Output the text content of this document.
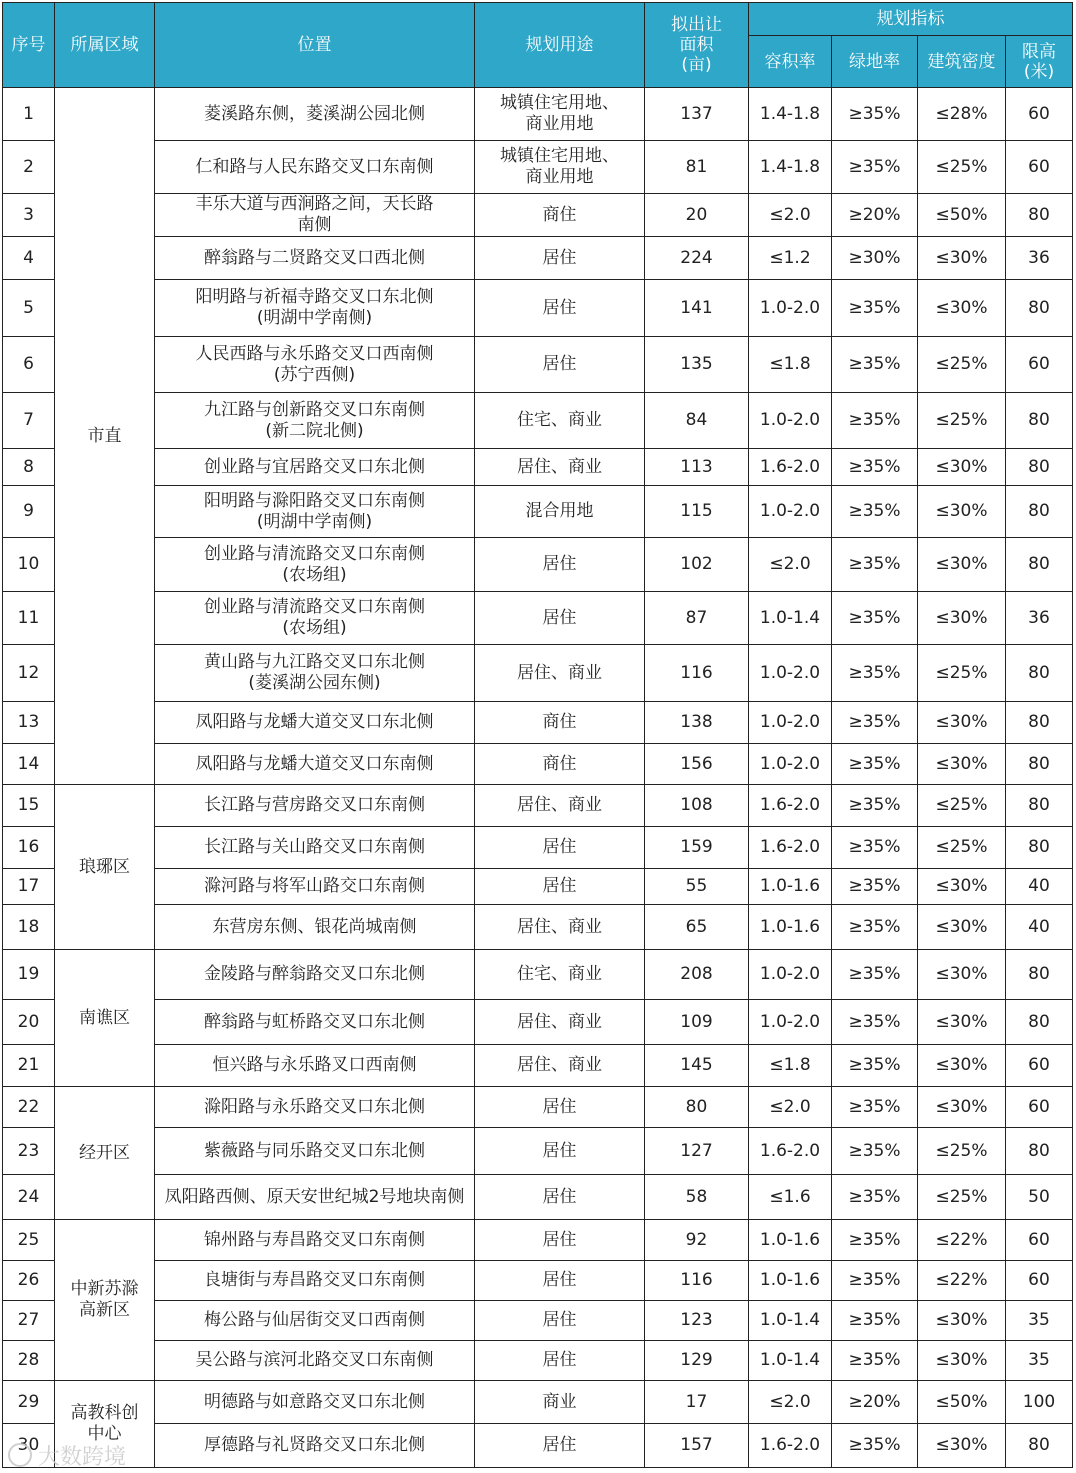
序号	所属区域	位置	规划用途	拟出让面积(亩)	规划指标			
					容积率	绿地率	建筑密度	限高(米)

1	市直	菱溪路东侧，菱溪湖公园北侧	城镇住宅用地、商业用地	137	1.4-1.8	≥35%	≤28%	60
2		仁和路与人民东路交叉口东南侧	城镇住宅用地、商业用地	81	1.4-1.8	≥35%	≤25%	60
3		丰乐大道与西涧路之间，天长路南侧	商住	20	≤2.0	≥20%	≤50%	80
4		醉翁路与二贤路交叉口西北侧	居住	224	≤1.2	≥30%	≤30%	36
5		阳明路与祈福寺路交叉口东北侧(明湖中学南侧)	居住	141	1.0-2.0	≥35%	≤30%	80
6		人民西路与永乐路交叉口西南侧(苏宁西侧)	居住	135	≤1.8	≥35%	≤25%	60
7		九江路与创新路交叉口东南侧(新二院北侧)	住宅、商业	84	1.0-2.0	≥35%	≤25%	80
8		创业路与宜居路交叉口东北侧	居住、商业	113	1.6-2.0	≥35%	≤30%	80
9		阳明路与滁阳路交叉口东南侧(明湖中学南侧)	混合用地	115	1.0-2.0	≥35%	≤30%	80
10		创业路与清流路交叉口东南侧(农场组)	居住	102	≤2.0	≥35%	≤30%	80
11		创业路与清流路交叉口东南侧(农场组)	居住	87	1.0-1.4	≥35%	≤30%	36
12		黄山路与九江路交叉口东北侧(菱溪湖公园东侧)	居住、商业	116	1.0-2.0	≥35%	≤25%	80
13		凤阳路与龙蟠大道交叉口东北侧	商住	138	1.0-2.0	≥35%	≤30%	80
14		凤阳路与龙蟠大道交叉口东南侧	商住	156	1.0-2.0	≥35%	≤30%	80
15	琅琊区	长江路与营房路交叉口东南侧	居住、商业	108	1.6-2.0	≥35%	≤25%	80
16		长江路与关山路交叉口东南侧	居住	159	1.6-2.0	≥35%	≤25%	80
17		滁河路与将军山路交口东南侧	居住	55	1.0-1.6	≥35%	≤30%	40
18		东营房东侧、银花尚城南侧	居住、商业	65	1.0-1.6	≥35%	≤30%	40
19	南谯区	金陵路与醉翁路交叉口东北侧	住宅、商业	208	1.0-2.0	≥35%	≤30%	80
20		醉翁路与虹桥路交叉口东北侧	居住、商业	109	1.0-2.0	≥35%	≤30%	80
21		恒兴路与永乐路叉口西南侧	居住、商业	145	≤1.8	≥35%	≤30%	60
22	经开区	滁阳路与永乐路交叉口东北侧	居住	80	≤2.0	≥35%	≤30%	60
23		紫薇路与同乐路交叉口东北侧	居住	127	1.6-2.0	≥35%	≤25%	80
24		凤阳路西侧、原天安世纪城2号地块南侧	居住	58	≤1.6	≥35%	≤25%	50
25	中新苏滁高新区	锦州路与寿昌路交叉口东南侧	居住	92	1.0-1.6	≥35%	≤22%	60
26		良塘街与寿昌路交叉口东南侧	居住	116	1.0-1.6	≥35%	≤22%	60
27		梅公路与仙居街交叉口西南侧	居住	123	1.0-1.4	≥35%	≤30%	35
28		吴公路与滨河北路交叉口东南侧	居住	129	1.0-1.4	≥35%	≤30%	35
29	高教科创中心	明德路与如意路交叉口东北侧	商业	17	≤2.0	≥20%	≤50%	100
30		厚德路与礼贤路交叉口东北侧	居住	157	1.6-2.0	≥35%	≤30%	80
大数跨境
